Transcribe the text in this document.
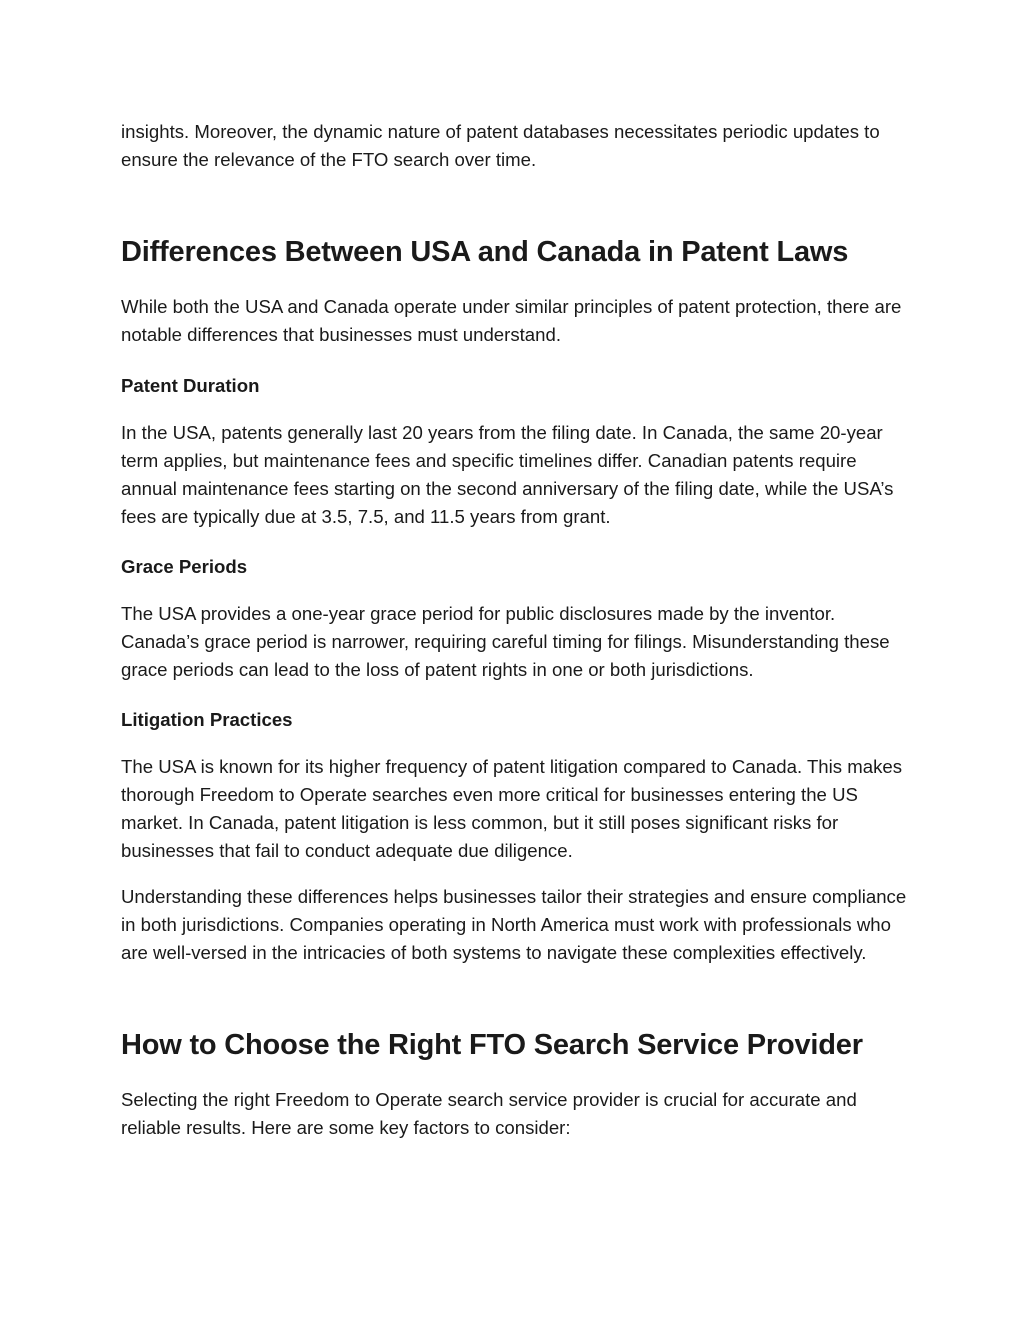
insights. Moreover, the dynamic nature of patent databases necessitates periodic updates to ensure the relevance of the FTO search over time.

Differences Between USA and Canada in Patent Laws

While both the USA and Canada operate under similar principles of patent protection, there are notable differences that businesses must understand.

Patent Duration

In the USA, patents generally last 20 years from the filing date. In Canada, the same 20-year term applies, but maintenance fees and specific timelines differ. Canadian patents require annual maintenance fees starting on the second anniversary of the filing date, while the USA’s fees are typically due at 3.5, 7.5, and 11.5 years from grant.

Grace Periods

The USA provides a one-year grace period for public disclosures made by the inventor. Canada’s grace period is narrower, requiring careful timing for filings. Misunderstanding these grace periods can lead to the loss of patent rights in one or both jurisdictions.

Litigation Practices

The USA is known for its higher frequency of patent litigation compared to Canada. This makes thorough Freedom to Operate searches even more critical for businesses entering the US market. In Canada, patent litigation is less common, but it still poses significant risks for businesses that fail to conduct adequate due diligence.

Understanding these differences helps businesses tailor their strategies and ensure compliance in both jurisdictions. Companies operating in North America must work with professionals who are well-versed in the intricacies of both systems to navigate these complexities effectively.

How to Choose the Right FTO Search Service Provider

Selecting the right Freedom to Operate search service provider is crucial for accurate and reliable results. Here are some key factors to consider:
